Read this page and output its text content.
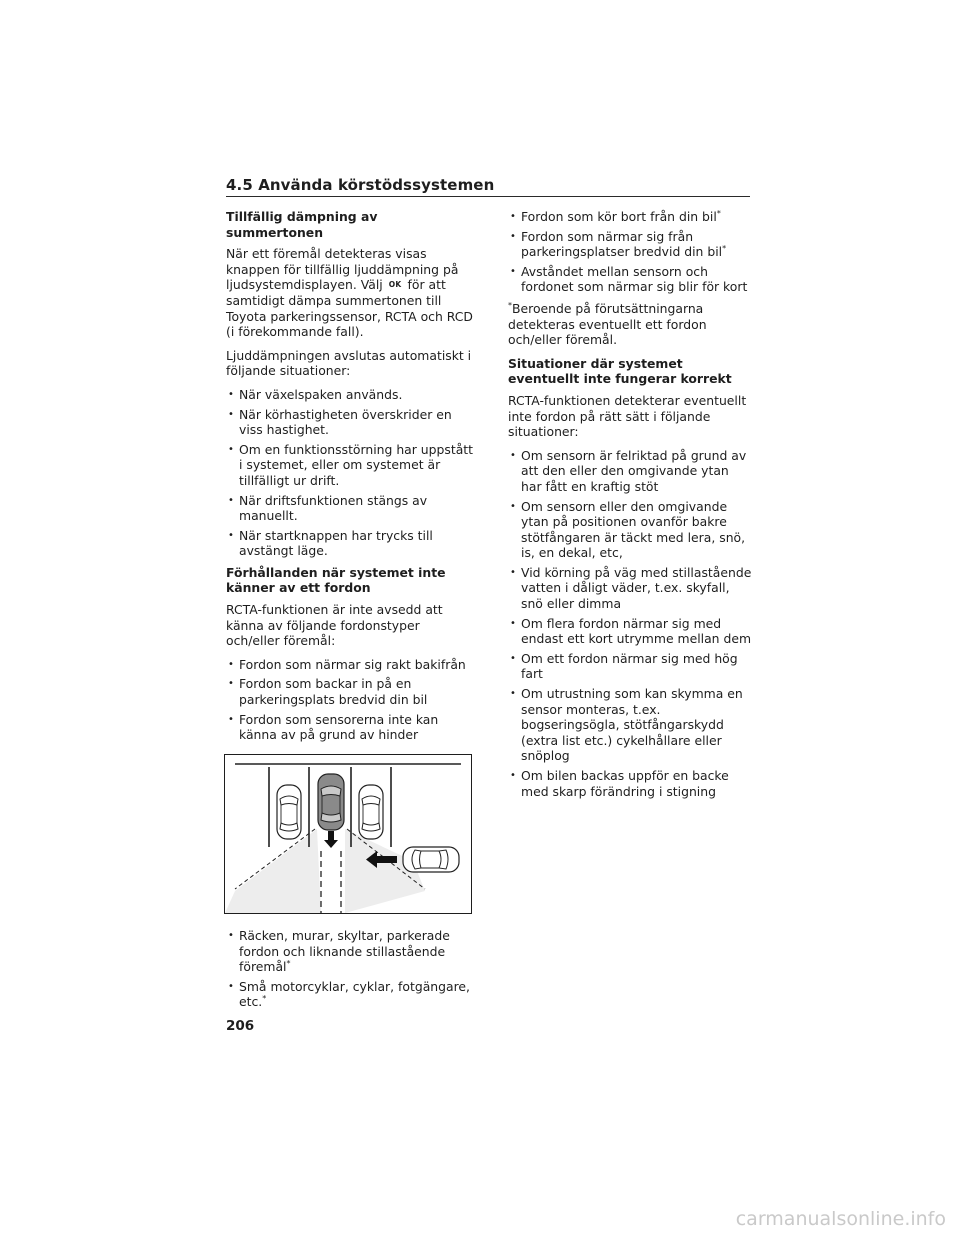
4.5 Använda körstödssystemen
Tillfällig dämpning av summertonen

När ett föremål detekteras visas knappen för tillfällig ljuddämpning på ljudsystemdisplayen. Välj OK för att samtidigt dämpa summertonen till Toyota parkeringssensor, RCTA och RCD (i förekommande fall).

Ljuddämpningen avslutas automatiskt i följande situationer:

• När växelspaken används.
• När körhastigheten överskrider en viss hastighet.
• Om en funktionsstörning har uppstått i systemet, eller om systemet är tillfälligt ur drift.
• När driftsfunktionen stängs av manuellt.
• När startknappen har trycks till avstängt läge.
Förhållanden när systemet inte känner av ett fordon

RCTA-funktionen är inte avsedd att känna av följande fordonstyper och/eller föremål:

• Fordon som närmar sig rakt bakifrån
• Fordon som backar in på en parkeringsplats bredvid din bil
• Fordon som sensorerna inte kan känna av på grund av hinder
• Räcken, murar, skyltar, parkerade fordon och liknande stillastående föremål*
• Små motorcyklar, cyklar, fotgängare, etc.*
• Fordon som kör bort från din bil*
• Fordon som närmar sig från parkeringsplatser bredvid din bil*
• Avståndet mellan sensorn och fordonet som närmar sig blir för kort

*Beroende på förutsättningarna detekteras eventuellt ett fordon och/eller föremål.

Situationer där systemet eventuellt inte fungerar korrekt

RCTA-funktionen detekterar eventuellt inte fordon på rätt sätt i följande situationer:

• Om sensorn är felriktad på grund av att den eller den omgivande ytan har fått en kraftig stöt
• Om sensorn eller den omgivande ytan på positionen ovanför bakre stötfångaren är täckt med lera, snö, is, en dekal, etc,
• Vid körning på väg med stillastående vatten i dåligt väder, t.ex. skyfall, snö eller dimma
• Om flera fordon närmar sig med endast ett kort utrymme mellan dem
• Om ett fordon närmar sig med hög fart
• Om utrustning som kan skymma en sensor monteras, t.ex. bogseringsögla, stötfångarskydd (extra list etc.) cykelhållare eller snöplog
• Om bilen backas uppför en backe med skarp förändring i stigning
206
carmanualsonline.info
